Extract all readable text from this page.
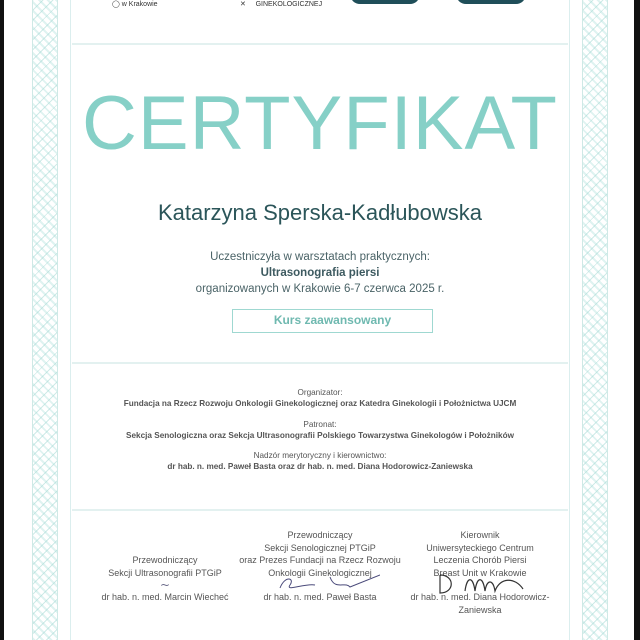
◯ w Krakowie	✕     GINEKOLOGICZNEJ
CERTYFIKAT
Katarzyna Sperska-Kadłubowska
Uczestniczyła w warsztatach praktycznych:
Ultrasonografia piersi
organizowanych w Krakowie 6-7 czerwca 2025 r.
Kurs zaawansowany
Organizator:
Fundacja na Rzecz Rozwoju Onkologii Ginekologicznej oraz Katedra Ginekologii i Położnictwa UJCM
Patronat:
Sekcja Senologiczna oraz Sekcja Ultrasonografii Polskiego Towarzystwa Ginekologów i Położników
Nadzór merytoryczny i kierownictwo:
dr hab. n. med. Paweł Basta oraz dr hab. n. med. Diana Hodorowicz-Zaniewska
Przewodniczący
Sekcji Ultrasonografii PTGiP
~
dr hab. n. med. Marcin Wiecheć
Przewodniczący
Sekcji Senologicznej PTGiP
oraz Prezes Fundacji na Rzecz Rozwoju
Onkologii Ginekologicznej
dr hab. n. med. Paweł Basta
Kierownik
Uniwersyteckiego Centrum
Leczenia Chorób Piersi
Breast Unit w Krakowie
dr hab. n. med. Diana Hodorowicz-Zaniewska
